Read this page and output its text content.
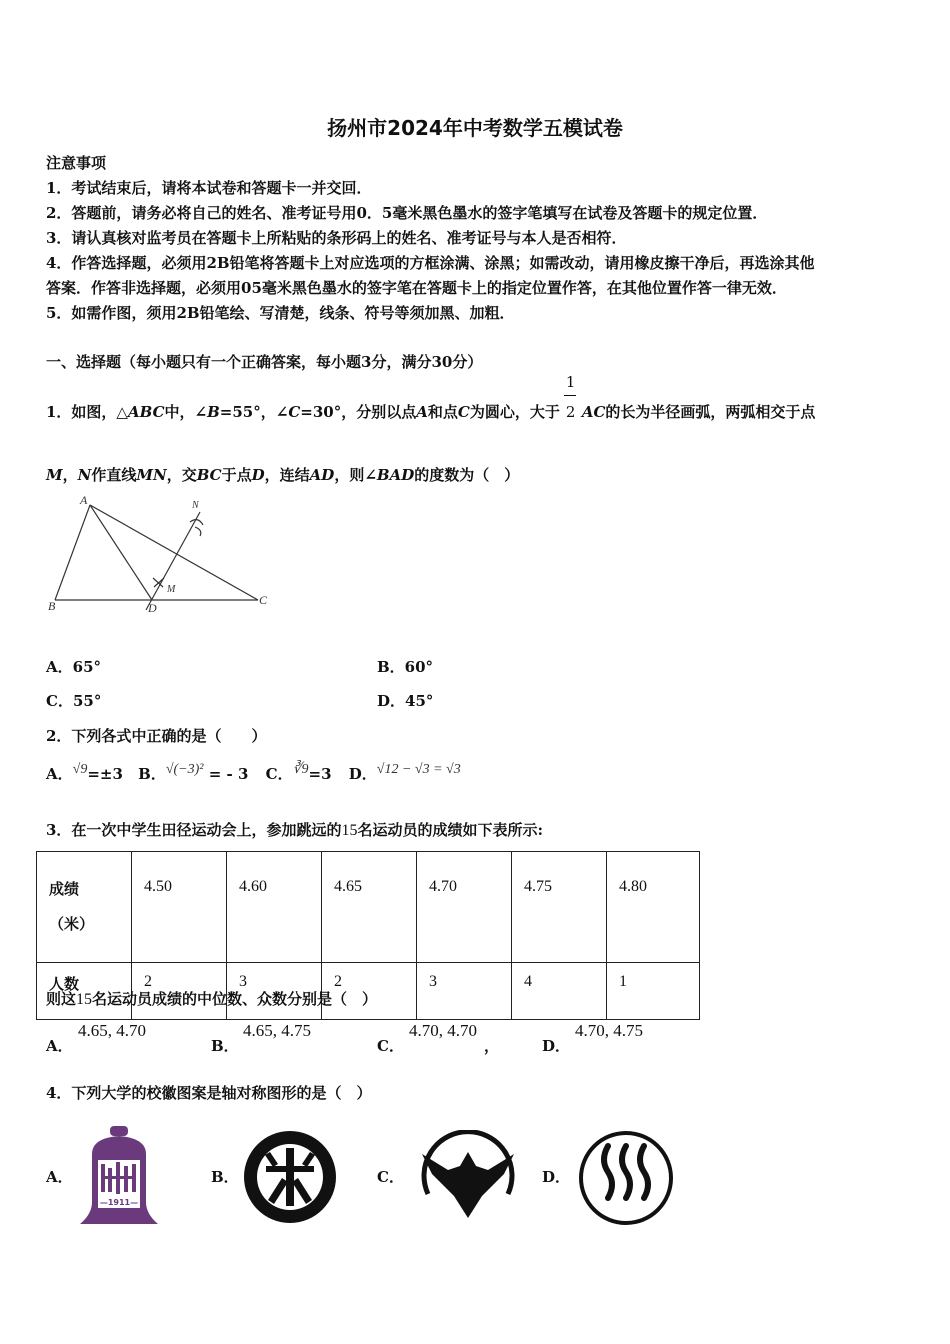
扬州市2024年中考数学五模试卷
注意事项
1．考试结束后，请将本试卷和答题卡一并交回．
2．答题前，请务必将自己的姓名、准考证号用0．5毫米黑色墨水的签字笔填写在试卷及答题卡的规定位置．
3．请认真核对监考员在答题卡上所粘贴的条形码上的姓名、准考证号与本人是否相符．
4．作答选择题，必须用2B铅笔将答题卡上对应选项的方框涂满、涂黑；如需改动，请用橡皮擦干净后，再选涂其他
答案．作答非选择题，必须用05毫米黑色墨水的签字笔在答题卡上的指定位置作答，在其他位置作答一律无效．
5．如需作图，须用2B铅笔绘、写清楚，线条、符号等须加黑、加粗．
一、选择题（每小题只有一个正确答案，每小题3分，满分30分）
1．如图，△ABC中，∠B=55°，∠C=30°，分别以点A和点C为圆心，大于 $\frac{1}{2}$ AC的长为半径画弧，两弧相交于点
M，N作直线MN，交BC于点D，连结AD，则∠BAD的度数为（　）
A
B	C
D
M
N
A．65°	B．60°
C．55°	D．45°
2．下列各式中正确的是（　　）
A．√9=±3 B．√(−3)² = - 3 C．∛9=3 D．√12 − √3 = √3
3．在一次中学生田径运动会上，参加跳远的15名运动员的成绩如下表所示:
成绩
（米）	4.50	4.60	4.65	4.70	4.75	4.80
人数	2	3	2	3	4	1
则这15名运动员成绩的中位数、众数分别是（　）
A．
4.65, 4.70
B．
4.65, 4.75
C．
4.70, 4.70
，	D．
4.70, 4.75
4．下列大学的校徽图案是轴对称图形的是（　）
A．
—1911—
B．	C．	D．
